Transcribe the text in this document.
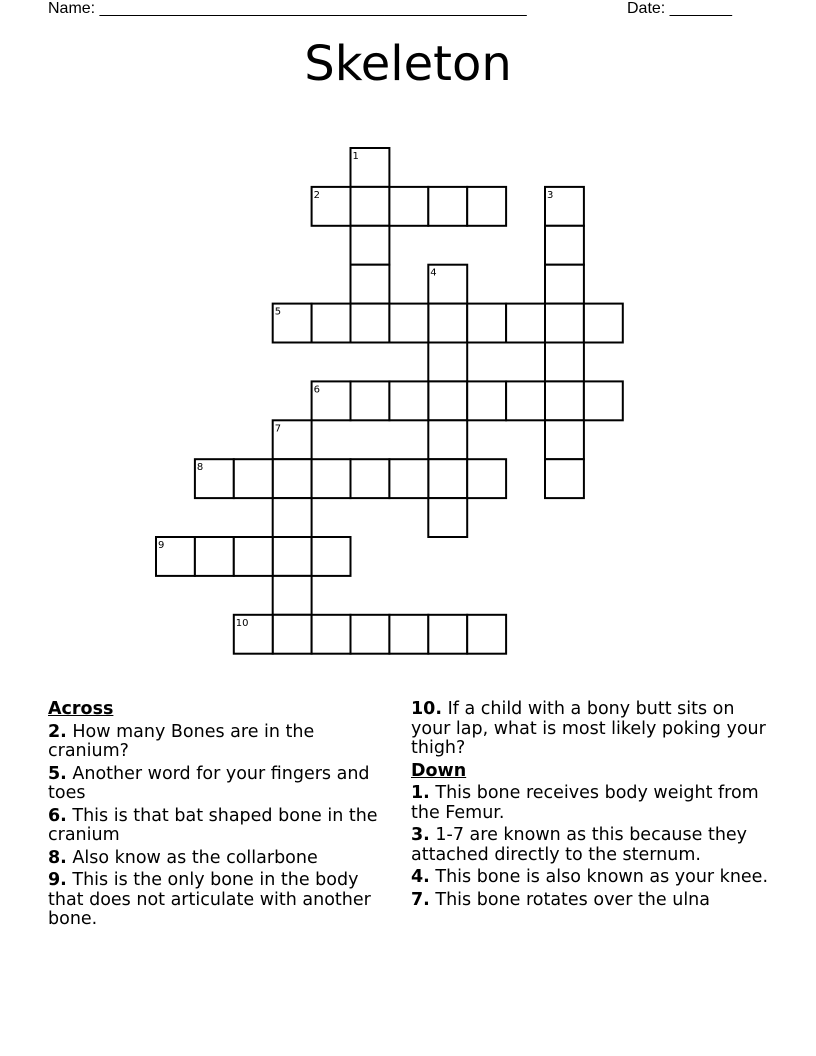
Name: ________________________________________________	Date: _______
Skeleton
1
2	3
4
5
6
7
8
9
10
Across
2. How many Bones are in the cranium?
5. Another word for your fingers and toes
6. This is that bat shaped bone in the cranium
8. Also know as the collarbone
9. This is the only bone in the body that does not articulate with another bone.
10. If a child with a bony butt sits on your lap, what is most likely poking your thigh?
Down
1. This bone receives body weight from the Femur.
3. 1-7 are known as this because they attached directly to the sternum.
4. This bone is also known as your knee.
7. This bone rotates over the ulna
